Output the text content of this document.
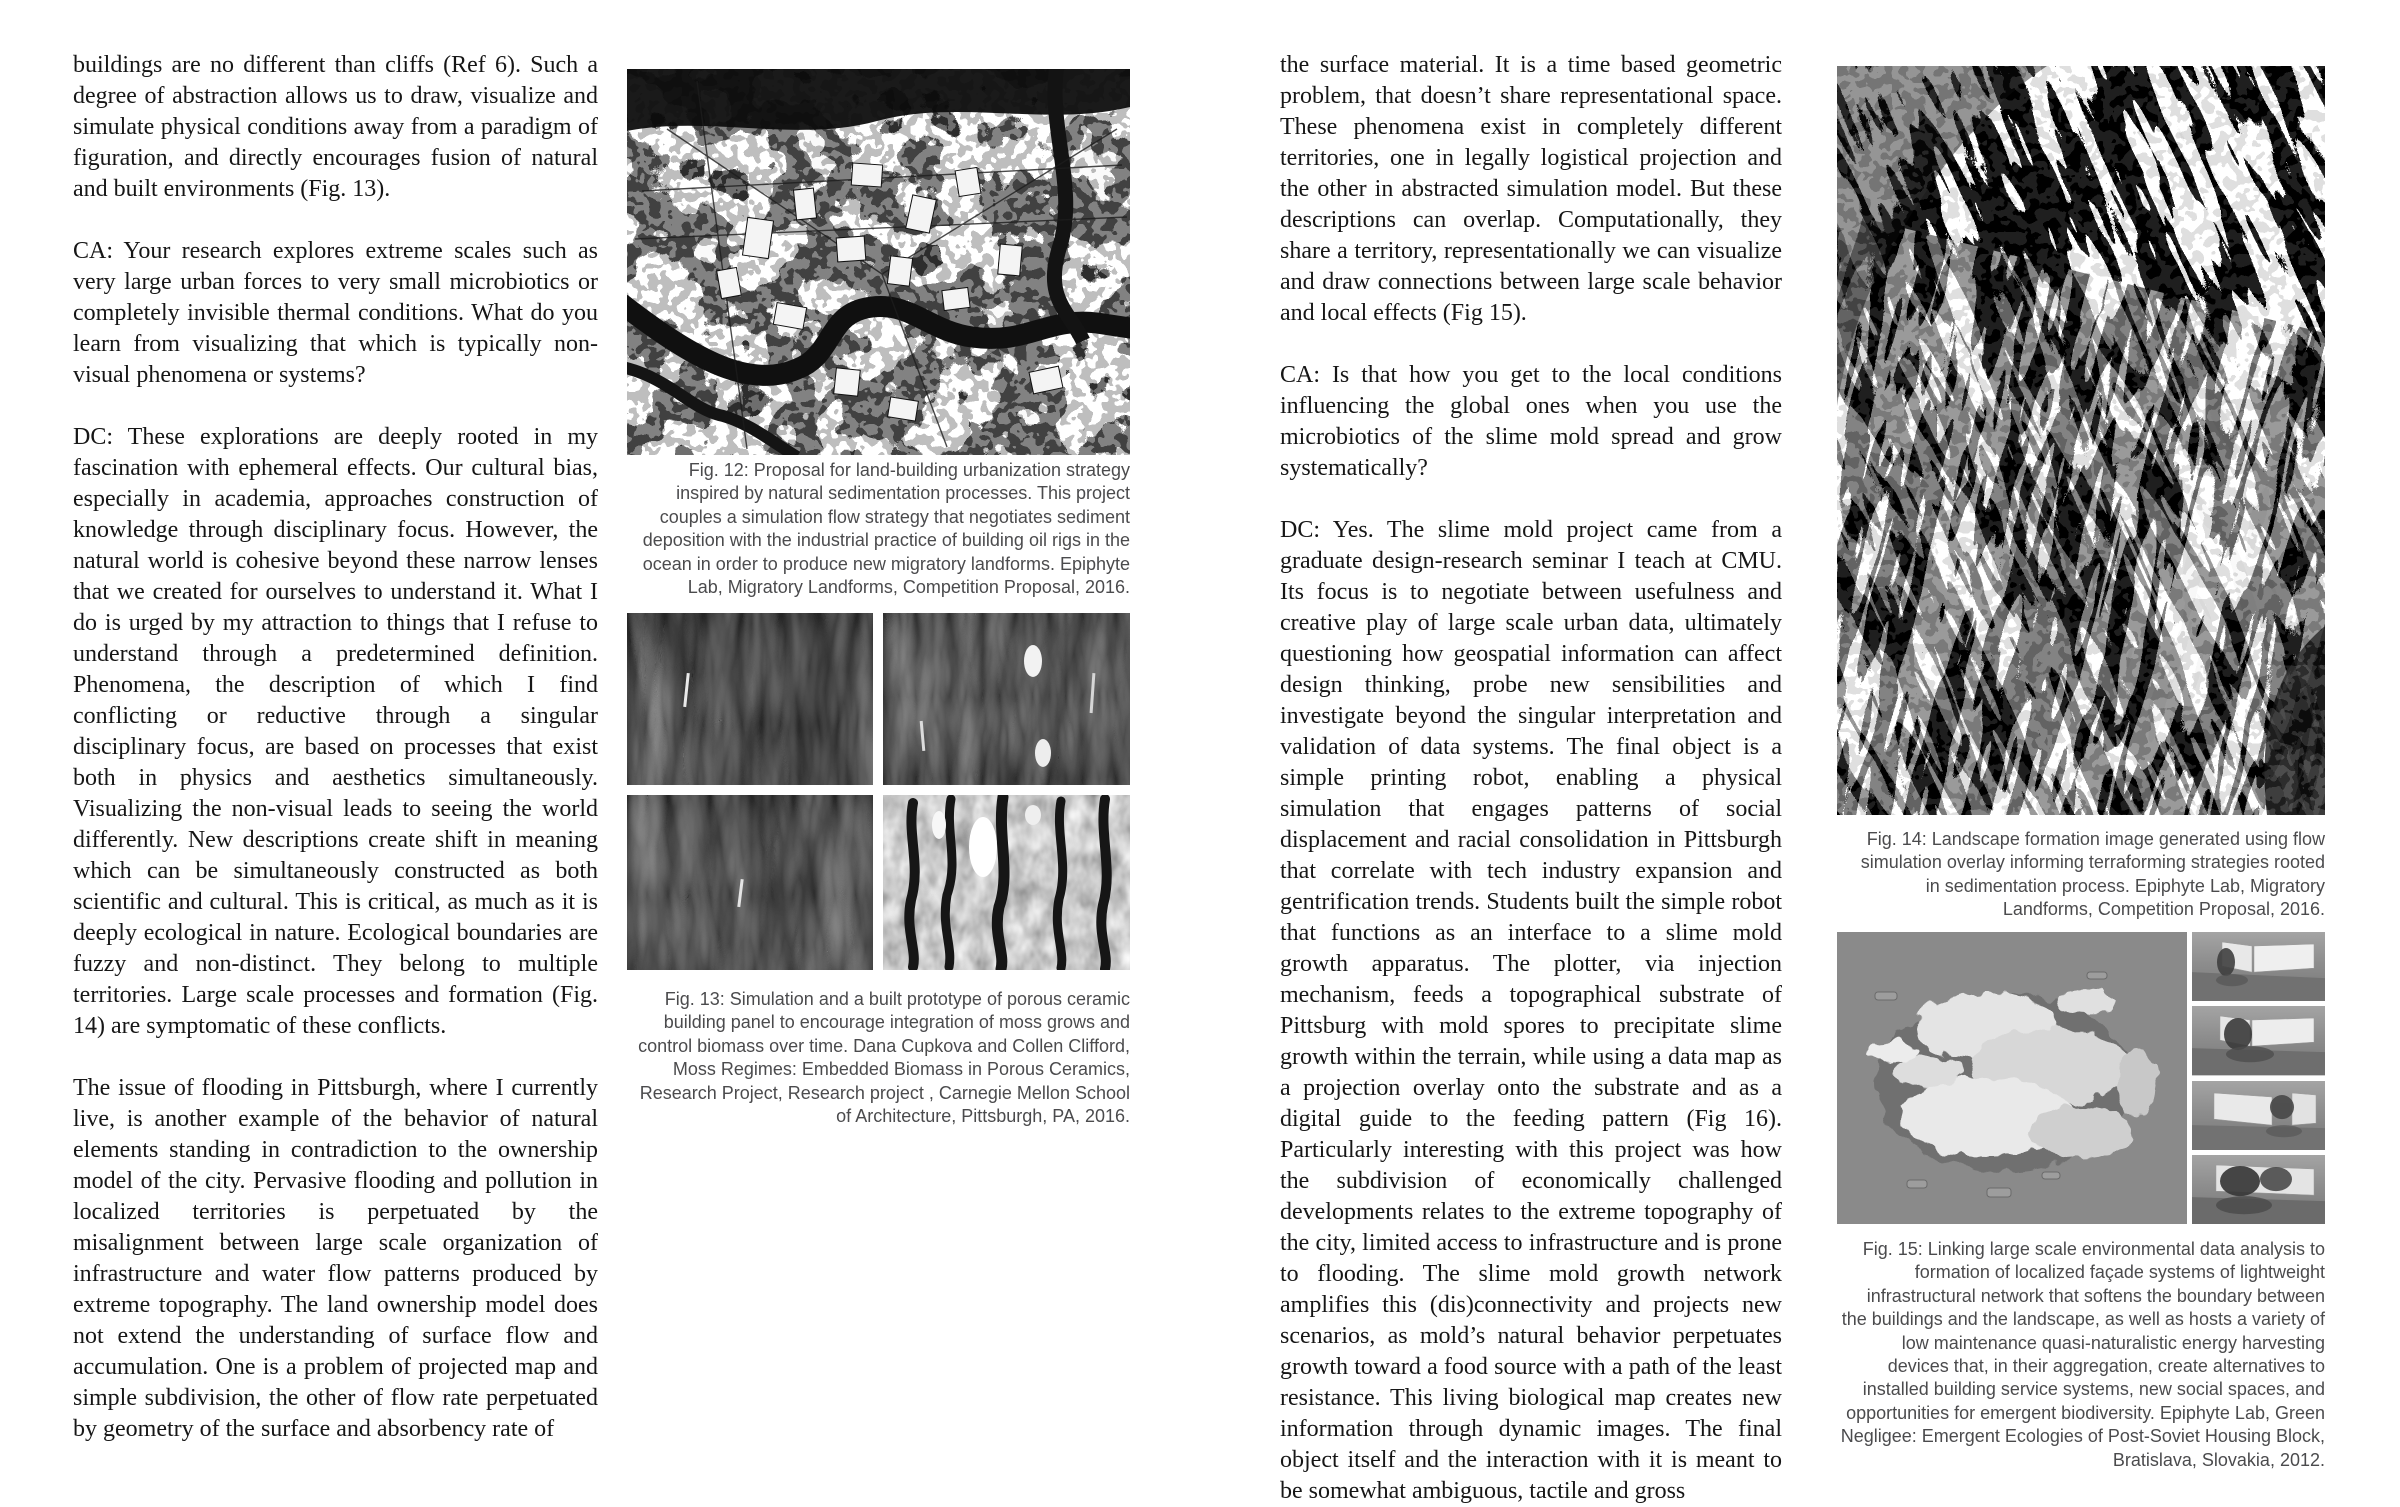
buildings are no different than cliffs (Ref 6). Such a degree of abstraction allows us to draw, visualize and simulate physical conditions away from a paradigm of figuration, and directly encourages fusion of natural and built environments (Fig. 13).

CA: Your research explores extreme scales such as very large urban forces to very small microbiotics or completely invisible thermal conditions. What do you learn from visualizing that which is typically non-visual phenomena or systems?

DC: These explorations are deeply rooted in my fascination with ephemeral effects. Our cultural bias, especially in academia, approaches construction of knowledge through disciplinary focus. However, the natural world is cohesive beyond these narrow lenses that we created for ourselves to understand it. What I do is urged by my attraction to things that I refuse to understand through a predetermined definition. Phenomena, the description of which I find conflicting or reductive through a singular disciplinary focus, are based on processes that exist both in physics and aesthetics simultaneously. Visualizing the non-visual leads to seeing the world differently. New descriptions create shift in meaning which can be simultaneously constructed as both scientific and cultural. This is critical, as much as it is deeply ecological in nature. Ecological boundaries are fuzzy and non-distinct. They belong to multiple territories. Large scale processes and formation (Fig. 14) are symptomatic of these conflicts.

The issue of flooding in Pittsburgh, where I currently live, is another example of the behavior of natural elements standing in contradiction to the ownership model of the city. Pervasive flooding and pollution in localized territories is perpetuated by the misalignment between large scale organization of infrastructure and water flow patterns produced by extreme topography. The land ownership model does not extend the understanding of surface flow and accumulation. One is a problem of projected map and simple subdivision, the other of flow rate perpetuated by geometry of the surface and absorbency rate of

Fig. 12: Proposal for land-building urbanization strategy inspired by natural sedimentation processes. This project couples a simulation flow strategy that negotiates sediment deposition with the industrial practice of building oil rigs in the ocean in order to produce new migratory landforms. Epiphyte Lab, Migratory Landforms, Competition Proposal, 2016.
Fig. 13: Simulation and a built prototype of porous ceramic building panel to encourage integration of moss grows and control biomass over time. Dana Cupkova and Collen Clifford, Moss Regimes: Embedded Biomass in Porous Ceramics, Research Project, Research project , Carnegie Mellon School of Architecture, Pittsburgh, PA, 2016.

the surface material. It is a time based geometric problem, that doesn’t share representational space. These phenomena exist in completely different territories, one in legally logistical projection and the other in abstracted simulation model. But these descriptions can overlap. Computationally, they share a territory, representationally we can visualize and draw connections between large scale behavior and local effects (Fig 15).

CA: Is that how you get to the local conditions influencing the global ones when you use the microbiotics of the slime mold spread and grow systematically?

DC: Yes. The slime mold project came from a graduate design-research seminar I teach at CMU. Its focus is to negotiate between usefulness and creative play of large scale urban data, ultimately questioning how geospatial information can affect design thinking, probe new sensibilities and investigate beyond the singular interpretation and validation of data systems. The final object is a simple printing robot, enabling a physical simulation that engages patterns of social displacement and racial consolidation in Pittsburgh that correlate with tech industry expansion and gentrification trends. Students built the simple robot that functions as an interface to a slime mold growth apparatus. The plotter, via injection mechanism, feeds a topographical substrate of Pittsburg with mold spores to precipitate slime growth within the terrain, while using a data map as a projection overlay onto the substrate and as a digital guide to the feeding pattern (Fig 16). Particularly interesting with this project was how the subdivision of economically challenged developments relates to the extreme topography of the city, limited access to infrastructure and is prone to flooding. The slime mold growth network amplifies this (dis)connectivity and projects new scenarios, as mold’s natural behavior perpetuates growth toward a food source with a path of the least resistance. This living biological map creates new information through dynamic images. The final object itself and the interaction with it is meant to be somewhat ambiguous, tactile and gross

Fig. 14: Landscape formation image generated using flow simulation overlay informing terraforming strategies rooted in sedimentation process. Epiphyte Lab, Migratory Landforms, Competition Proposal, 2016.
Fig. 15: Linking large scale environmental data analysis to formation of localized façade systems of lightweight infrastructural network that softens the boundary between the buildings and the landscape, as well as hosts a variety of low maintenance quasi-naturalistic energy harvesting devices that, in their aggregation, create alternatives to installed building service systems, new social spaces, and opportunities for emergent biodiversity. Epiphyte Lab, Green Negligee: Emergent Ecologies of Post-Soviet Housing Block, Bratislava, Slovakia, 2012.
